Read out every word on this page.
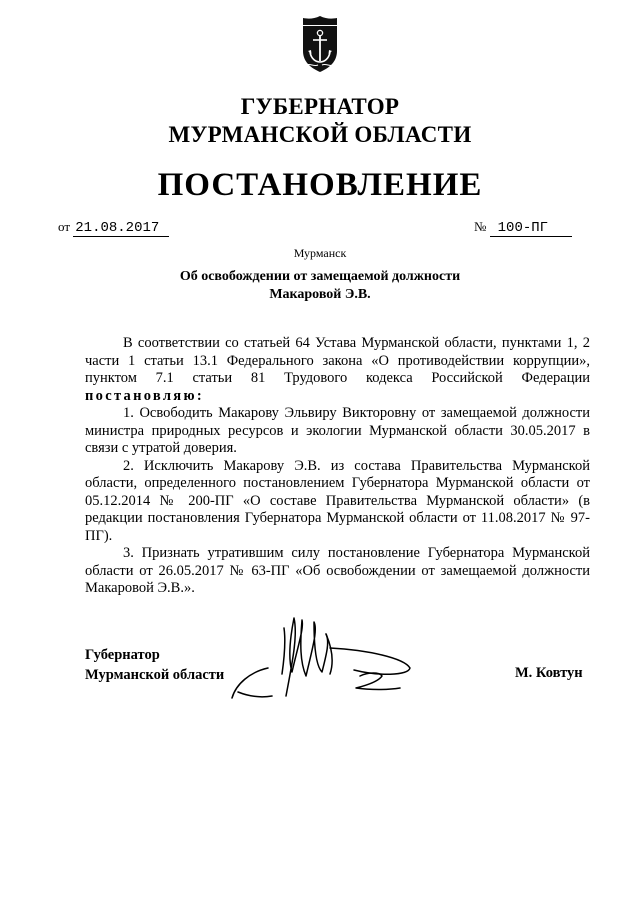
ГУБЕРНАТОР
МУРМАНСКОЙ ОБЛАСТИ
ПОСТАНОВЛЕНИЕ
от 21.08.2017	№ 100-ПГ
Мурманск
Об освобождении от замещаемой должности
Макаровой Э.В.

В соответствии со статьей 64 Устава Мурманской области, пунктами 1, 2 части 1 статьи 13.1 Федерального закона «О противодействии коррупции», пунктом 7.1 статьи 81 Трудового кодекса Российской Федерации постановляю:

1. Освободить Макарову Эльвиру Викторовну от замещаемой должности министра природных ресурсов и экологии Мурманской области 30.05.2017 в связи с утратой доверия.

2. Исключить Макарову Э.В. из состава Правительства Мурманской области, определенного постановлением Губернатора Мурманской области от 05.12.2014 № 200-ПГ «О составе Правительства Мурманской области» (в редакции постановления Губернатора Мурманской области от 11.08.2017 № 97-ПГ).

3. Признать утратившим силу постановление Губернатора Мурманской области от 26.05.2017 № 63-ПГ «Об освобождении от замещаемой должности Макаровой Э.В.».

Губернатор
Мурманской области	М. Ковтун
